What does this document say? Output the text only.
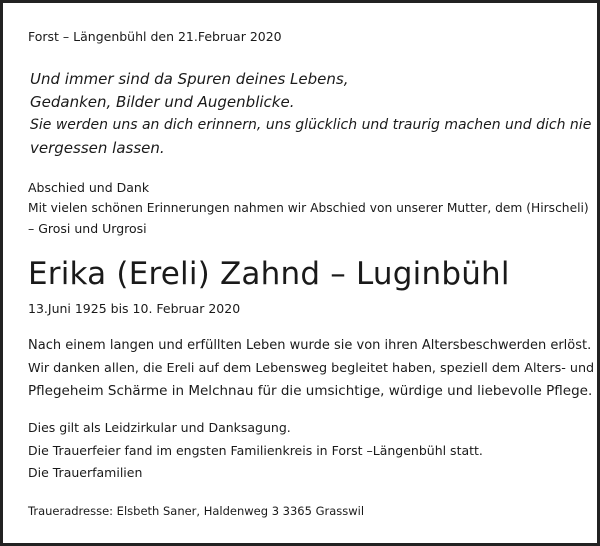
Forst – Längenbühl den 21.Februar 2020
Und immer sind da Spuren deines Lebens,
Gedanken, Bilder und Augenblicke.
Sie werden uns an dich erinnern, uns glücklich und traurig machen und dich nie
vergessen lassen.
Abschied und Dank
Mit vielen schönen Erinnerungen nahmen wir Abschied von unserer Mutter, dem (Hirscheli)
– Grosi und Urgrosi
Erika (Ereli) Zahnd – Luginbühl
13.Juni 1925 bis 10. Februar 2020
Nach einem langen und erfüllten Leben wurde sie von ihren Altersbeschwerden erlöst.
Wir danken allen, die Ereli auf dem Lebensweg begleitet haben, speziell dem Alters- und
Pflegeheim Schärme in Melchnau für die umsichtige, würdige und liebevolle Pflege.
Dies gilt als Leidzirkular und Danksagung.
Die Trauerfeier fand im engsten Familienkreis in Forst –Längenbühl statt.
Die Trauerfamilien
Traueradresse: Elsbeth Saner, Haldenweg 3 3365 Grasswil
